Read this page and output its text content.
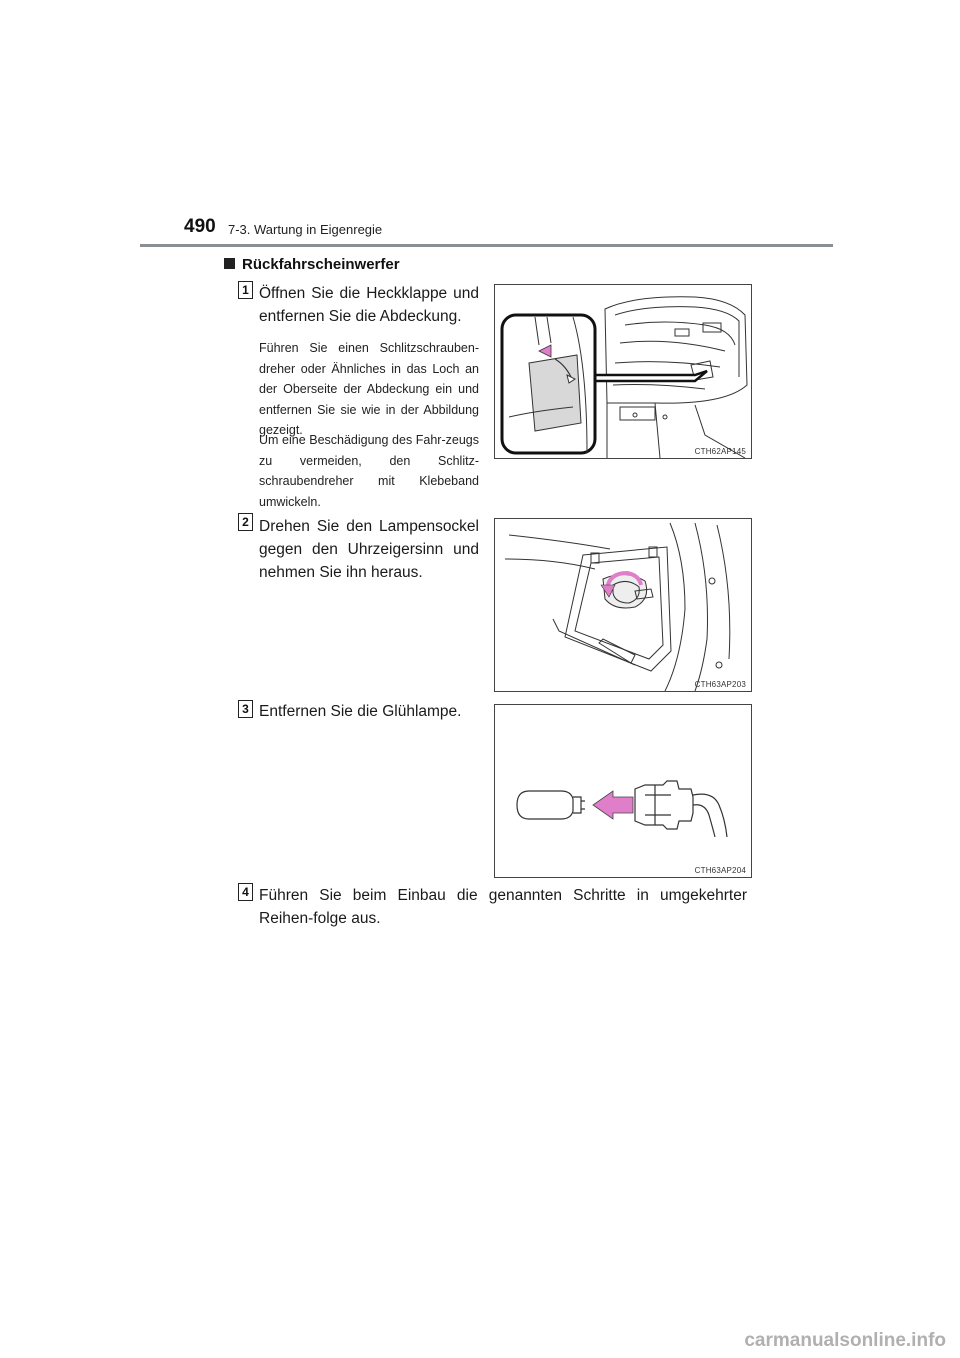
490 7-3. Wartung in Eigenregie
Rückfahrscheinwerfer
1 Öffnen Sie die Heckklappe und entfernen Sie die Abdeckung.
Führen Sie einen Schlitzschrauben-dreher oder Ähnliches in das Loch an der Oberseite der Abdeckung ein und entfernen Sie sie wie in der Abbildung gezeigt.
Um eine Beschädigung des Fahr-zeugs zu vermeiden, den Schlitz-schraubendreher mit Klebeband umwickeln.
CTH62AP145
2 Drehen Sie den Lampensockel gegen den Uhrzeigersinn und nehmen Sie ihn heraus.
CTH63AP203
3 Entfernen Sie die Glühlampe.
CTH63AP204
4 Führen Sie beim Einbau die genannten Schritte in umgekehrter Reihen-folge aus.
carmanualsonline.info
